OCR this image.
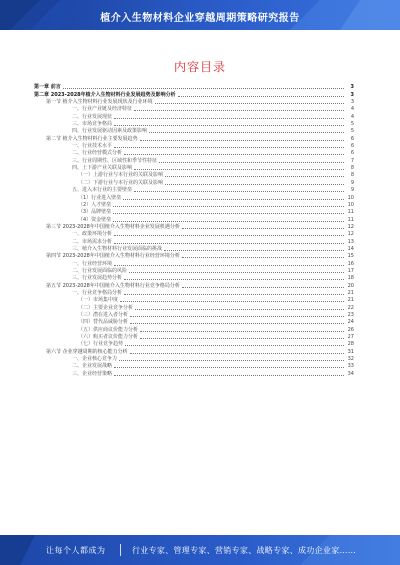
植介入生物材料企业穿越周期策略研究报告
内容目录
第一章 前言	3
第二章 2023-2028年植介入生物材料行业发展趋势及影响分析	3
第一节 植介入生物材料行业发展现状及行业环境	3
一、行业产业链及经济特征	4
二、行业发展现状	4
三、市场竞争格局	5
四、行业发展驱动因素及政策影响	5
第二节 植介入生物材料行业主要发展趋势	6
一、行业技术水平	6
二、行业经营模式分析	6
三、行业周期性、区域性和季节性特征	7
四、上下游产业关联及影响	8
（一）上游行业与本行业的关联及影响	8
（二）下游行业与本行业的关联及影响	9
五、进入本行业的主要壁垒	9
（1）行业进入壁垒	10
（2）人才壁垒	10
（3）品牌壁垒	11
（4）资金壁垒	11
第三节 2023-2028年中国植介入生物材料企业发展机遇分析	12
一、政策环境分析	12
二、市场需求分析	13
三、植介入生物材料行业发展面临的挑战	14
第四节 2023-2028年中国植介入生物材料行业经营环境分析	15
一、行业经营环境	16
二、行业发展面临的风险	17
三、行业发展趋势分析	18
第五节 2023-2028年中国植介入生物材料行业竞争格局分析	20
一、行业竞争格局分析	21
（一）市场集中度	21
（二）主要企业竞争分析	22
（三）潜在进入者分析	23
（四）替代品威胁分析	24
（五）供应商议价能力分析	26
（六）购买者议价能力分析	27
（七）行业竞争趋势	28
第六节 企业穿越周期的核心能力分析	31
一、企业核心竞争力	32
二、企业发展战略	33
三、企业经营策略	34
让每个人都成为	行业专家、管理专家、营销专家、战略专家、成功企业家……
